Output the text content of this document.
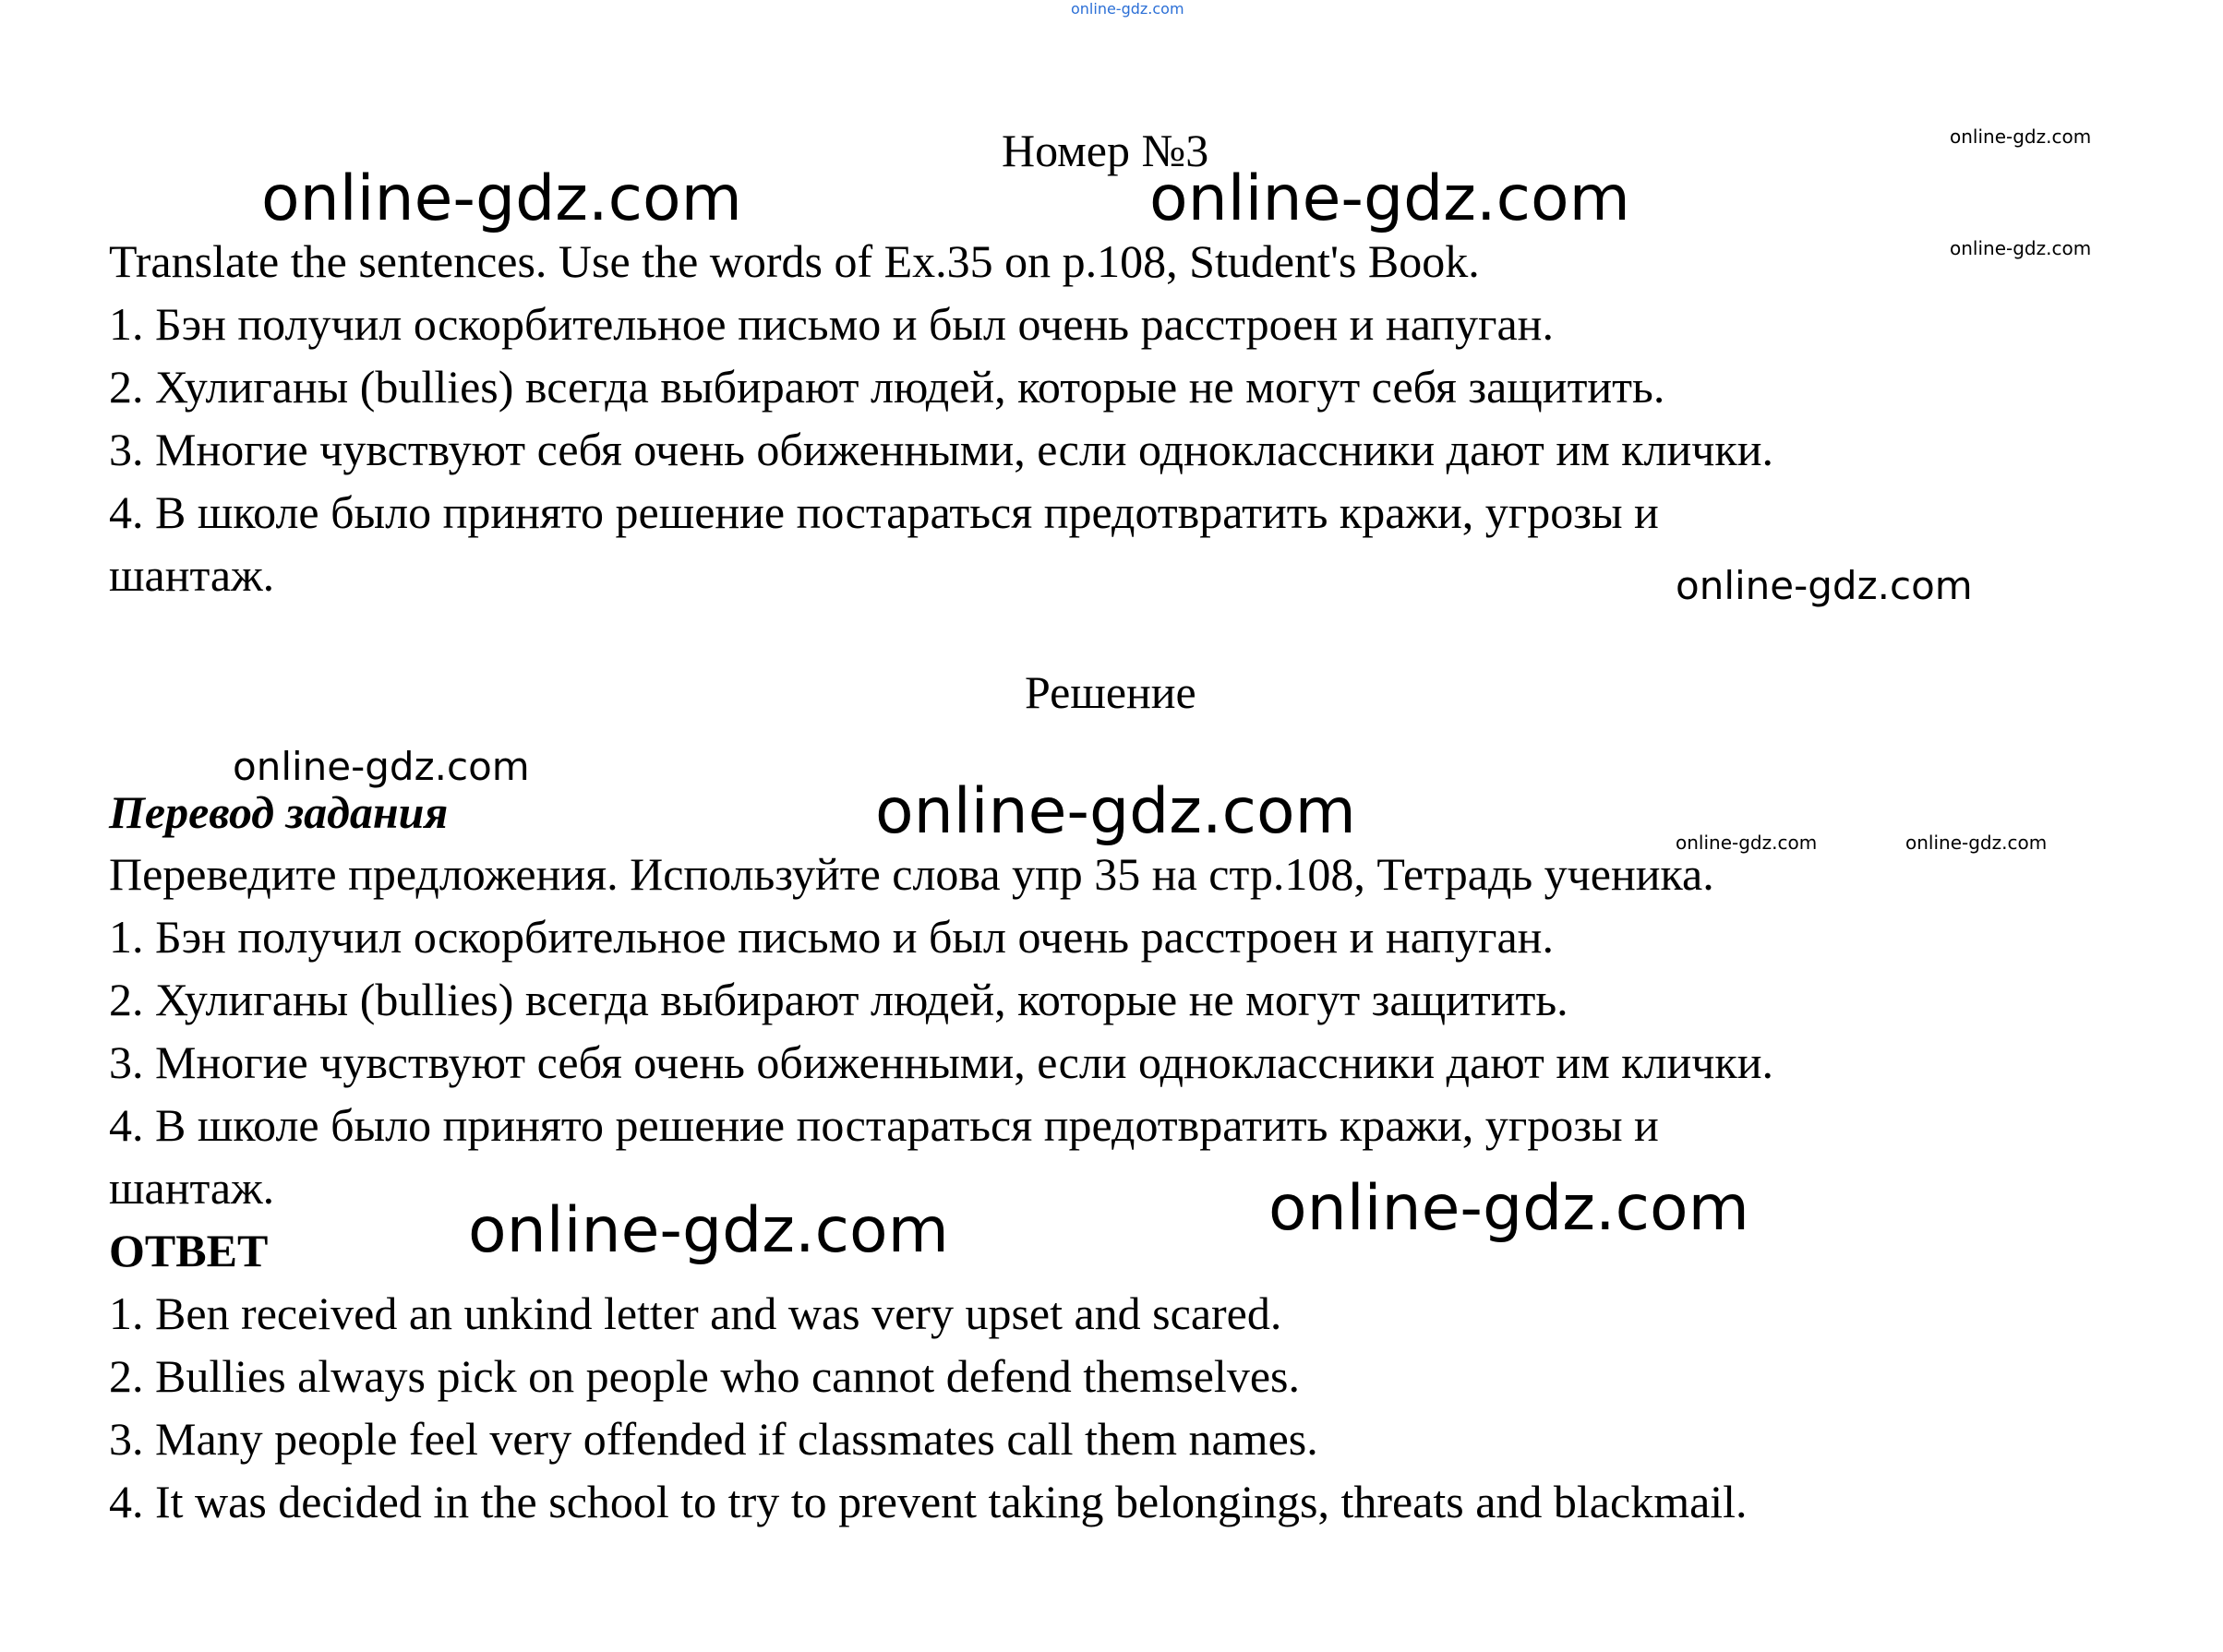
online-gdz.com
Номер №3
Translate the sentences. Use the words of Ex.35 on p.108, Student's Book.
1. Бэн получил оскорбительное письмо и был очень расстроен и напуган.
2. Хулиганы (bullies) всегда выбирают людей, которые не могут себя защитить.
3. Многие чувствуют себя очень обиженными, если одноклассники дают им клички.
4. В школе было принято решение постараться предотвратить кражи, угрозы и
шантаж.
Решение
Перевод задания
Переведите предложения. Используйте слова упр 35 на стр.108, Тетрадь ученика.
1. Бэн получил оскорбительное письмо и был очень расстроен и напуган.
2. Хулиганы (bullies) всегда выбирают людей, которые не могут защитить.
3. Многие чувствуют себя очень обиженными, если одноклассники дают им клички.
4. В школе было принято решение постараться предотвратить кражи, угрозы и
шантаж.
ОТВЕТ
1. Ben received an unkind letter and was very upset and scared.
2. Bullies always pick on people who cannot defend themselves.
3. Many people feel very offended if classmates call them names.
4. It was decided in the school to try to prevent taking belongings, threats and blackmail.
online-gdz.com	online-gdz.com
online-gdz.com
online-gdz.com
online-gdz.com
online-gdz.com
online-gdz.com	online-gdz.com	online-gdz.com
online-gdz.com
online-gdz.com
